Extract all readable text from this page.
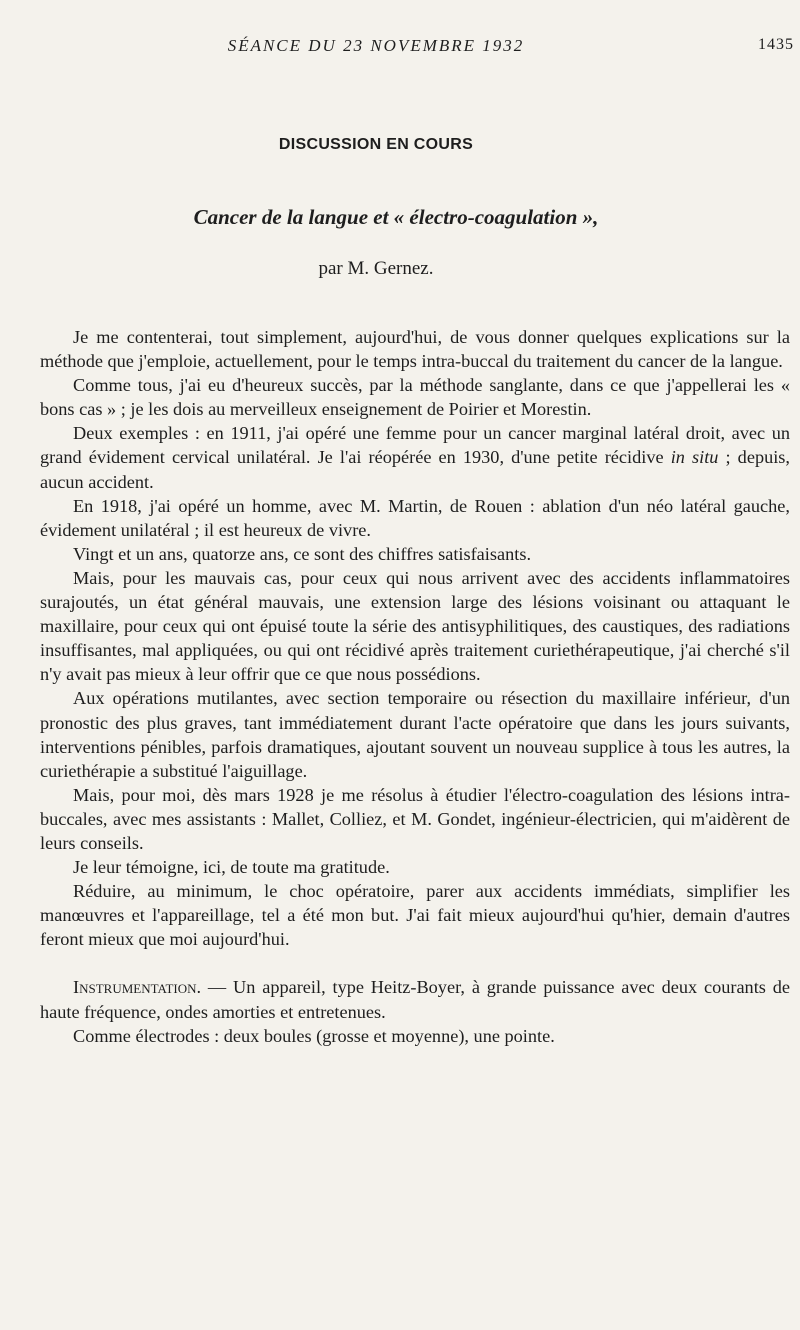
SÉANCE DU 23 NOVEMBRE 1932	1435
DISCUSSION EN COURS
Cancer de la langue et « électro-coagulation »,
par M. Gernez.

Je me contenterai, tout simplement, aujourd'hui, de vous donner quelques explications sur la méthode que j'emploie, actuellement, pour le temps intra-buccal du traitement du cancer de la langue.

Comme tous, j'ai eu d'heureux succès, par la méthode sanglante, dans ce que j'appellerai les « bons cas » ; je les dois au merveilleux enseignement de Poirier et Morestin.

Deux exemples : en 1911, j'ai opéré une femme pour un cancer marginal latéral droit, avec un grand évidement cervical unilatéral. Je l'ai réopérée en 1930, d'une petite récidive in situ ; depuis, aucun accident.

En 1918, j'ai opéré un homme, avec M. Martin, de Rouen : ablation d'un néo latéral gauche, évidement unilatéral ; il est heureux de vivre.

Vingt et un ans, quatorze ans, ce sont des chiffres satisfaisants.

Mais, pour les mauvais cas, pour ceux qui nous arrivent avec des accidents inflammatoires surajoutés, un état général mauvais, une extension large des lésions voisinant ou attaquant le maxillaire, pour ceux qui ont épuisé toute la série des antisyphilitiques, des caustiques, des radiations insuffisantes, mal appliquées, ou qui ont récidivé après traitement curiethérapeutique, j'ai cherché s'il n'y avait pas mieux à leur offrir que ce que nous possédions.

Aux opérations mutilantes, avec section temporaire ou résection du maxillaire inférieur, d'un pronostic des plus graves, tant immédiatement durant l'acte opératoire que dans les jours suivants, interventions pénibles, parfois dramatiques, ajoutant souvent un nouveau supplice à tous les autres, la curiethérapie a substitué l'aiguillage.

Mais, pour moi, dès mars 1928 je me résolus à étudier l'électro-coagulation des lésions intra-buccales, avec mes assistants : Mallet, Colliez, et M. Gondet, ingénieur-électricien, qui m'aidèrent de leurs conseils.

Je leur témoigne, ici, de toute ma gratitude.

Réduire, au minimum, le choc opératoire, parer aux accidents immédiats, simplifier les manœuvres et l'appareillage, tel a été mon but. J'ai fait mieux aujourd'hui qu'hier, demain d'autres feront mieux que moi aujourd'hui.

Instrumentation. — Un appareil, type Heitz-Boyer, à grande puissance avec deux courants de haute fréquence, ondes amorties et entretenues.

Comme électrodes : deux boules (grosse et moyenne), une pointe.
